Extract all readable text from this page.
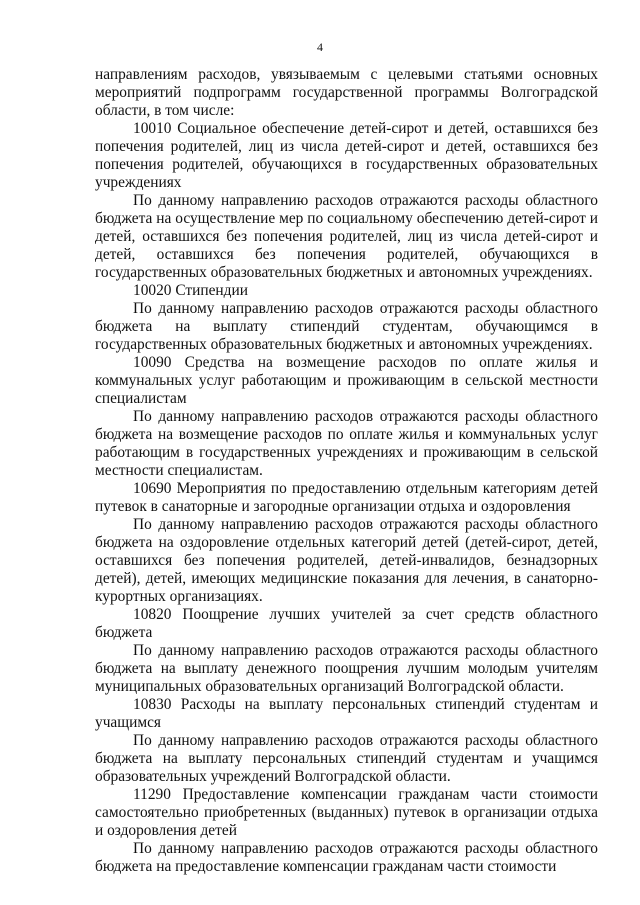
4

направлениям расходов, увязываемым с целевыми статьями основных мероприятий подпрограмм государственной программы Волгоградской области, в том числе:

10010 Социальное обеспечение детей-сирот и детей, оставшихся без попечения родителей, лиц из числа детей-сирот и детей, оставшихся без попечения родителей, обучающихся в государственных образовательных учреждениях

По данному направлению расходов отражаются расходы областного бюджета на осуществление мер по социальному обеспечению детей-сирот и детей, оставшихся без попечения родителей, лиц из числа детей-сирот и детей, оставшихся без попечения родителей, обучающихся в государственных образовательных бюджетных и автономных учреждениях.

10020 Стипендии

По данному направлению расходов отражаются расходы областного бюджета на выплату стипендий студентам, обучающимся в государственных образовательных бюджетных и автономных учреждениях.

10090 Средства на возмещение расходов по оплате жилья и коммунальных услуг работающим и проживающим в сельской местности специалистам

По данному направлению расходов отражаются расходы областного бюджета на возмещение расходов по оплате жилья и коммунальных услуг работающим в государственных учреждениях и проживающим в сельской местности специалистам.

10690 Мероприятия по предоставлению отдельным категориям детей путевок в санаторные и загородные организации отдыха и оздоровления

По данному направлению расходов отражаются расходы областного бюджета на оздоровление отдельных категорий детей (детей-сирот, детей, оставшихся без попечения родителей, детей-инвалидов, безнадзорных детей), детей, имеющих медицинские показания для лечения, в санаторно-курортных организациях.

10820 Поощрение лучших учителей за счет средств областного бюджета

По данному направлению расходов отражаются расходы областного бюджета на выплату денежного поощрения лучшим молодым учителям муниципальных образовательных организаций Волгоградской области.

10830 Расходы на выплату персональных стипендий студентам и учащимся

По данному направлению расходов отражаются расходы областного бюджета на выплату персональных стипендий студентам и учащимся образовательных учреждений Волгоградской области.

11290 Предоставление компенсации гражданам части стоимости самостоятельно приобретенных (выданных) путевок в организации отдыха и оздоровления детей

По данному направлению расходов отражаются расходы областного бюджета на предоставление компенсации гражданам части стоимости
